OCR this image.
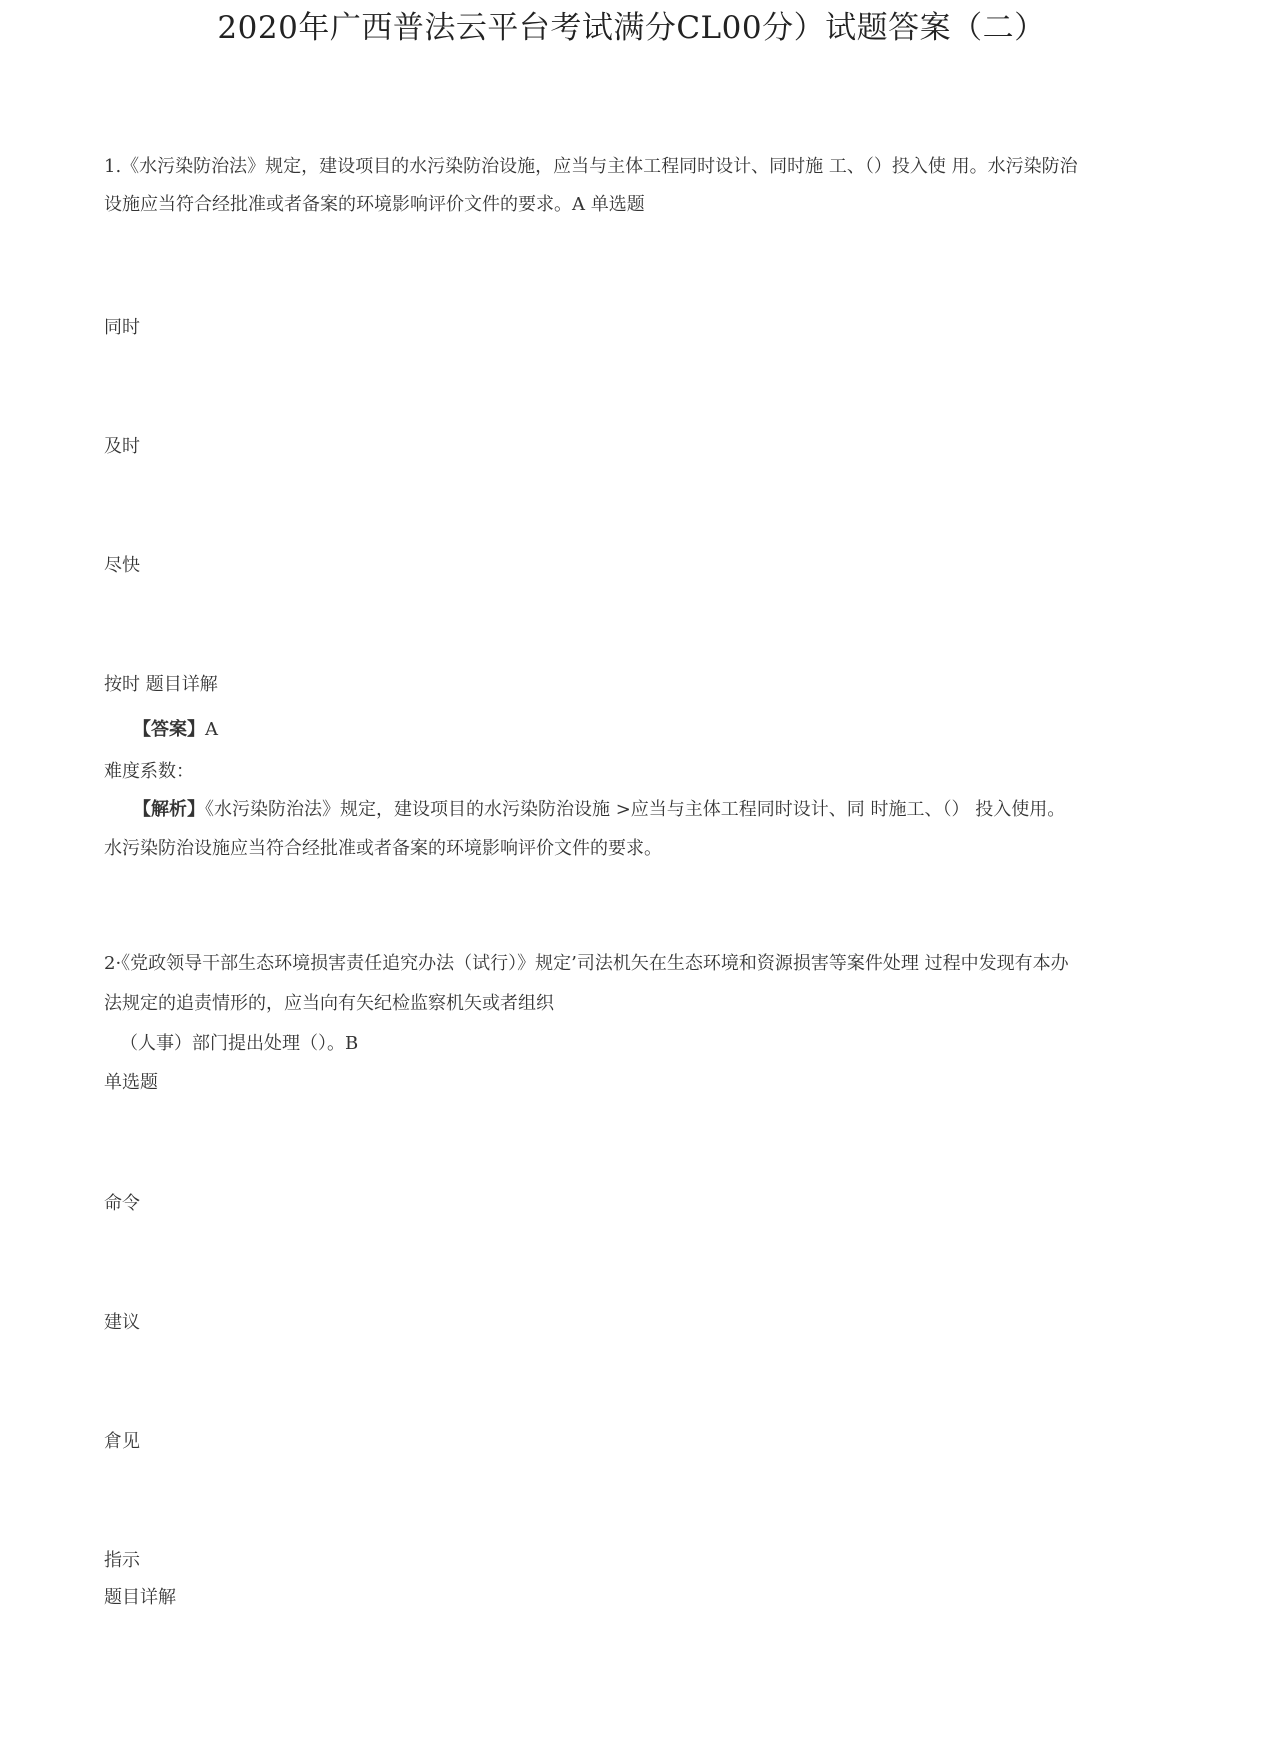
2020年广西普法云平台考试满分CL00分）试题答案（二）
1.《水污染防治法》规定，建设项目的水污染防治设施，应当与主体工程同时设计、同时施 工、（）投入使 用。水污染防治
设施应当符合经批准或者备案的环境影响评价文件的要求。A 单选题
同时
及时
尽快
按时 题目详解
【答案】A
难度系数：
【解析】《水污染防治法》规定，建设项目的水污染防治设施 >应当与主体工程同时设计、同 时施工、（） 投入使用。
水污染防治设施应当符合经批准或者备案的环境影响评价文件的要求。
2·《党政领导干部生态环境损害责任追究办法（试行）》规定’司法机矢在生态环境和资源损害等案件处理 过程中发现有本办
法规定的追责情形的，应当向有矢纪检监察机矢或者组织
（人事）部门提出处理（）。B
单选题
命令
建议
倉见
指示
题目详解
